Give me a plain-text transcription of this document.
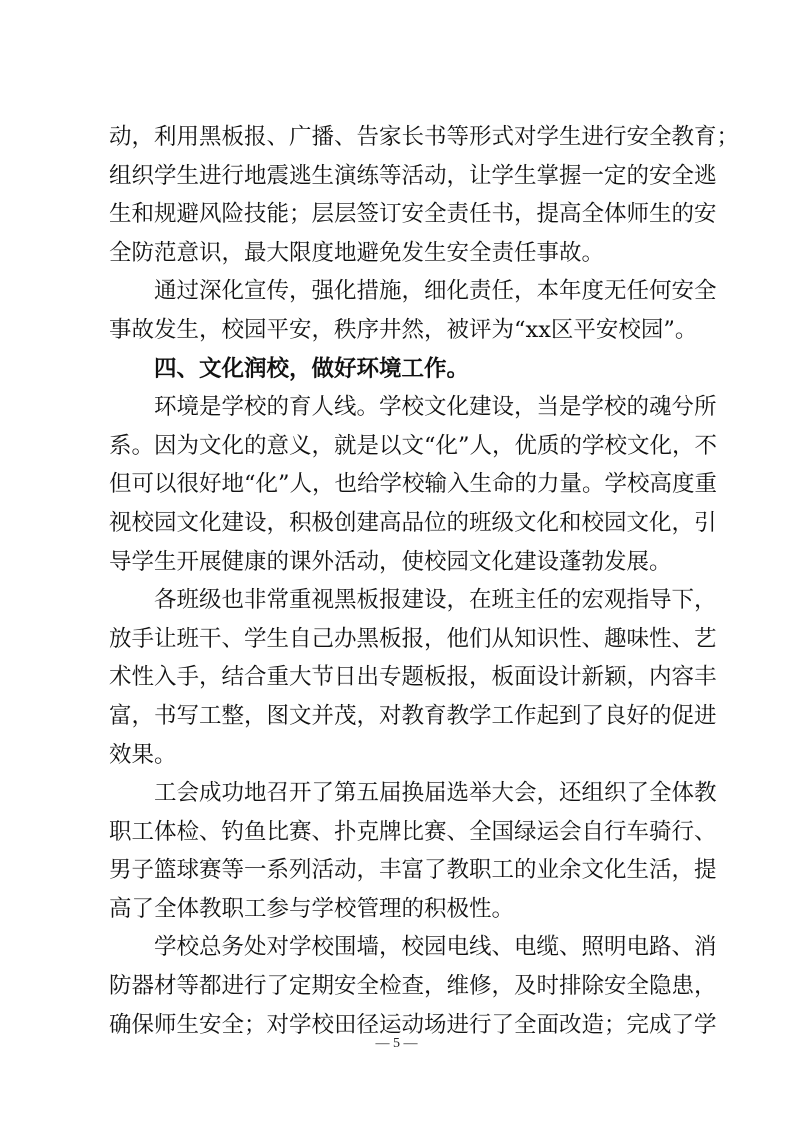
动，利用黑板报、广播、告家长书等形式对学生进行安全教育；
组织学生进行地震逃生演练等活动，让学生掌握一定的安全逃
生和规避风险技能；层层签订安全责任书，提高全体师生的安
全防范意识，最大限度地避免发生安全责任事故。
通过深化宣传，强化措施，细化责任，本年度无任何安全
事故发生，校园平安，秩序井然，被评为“xx区平安校园”。
四、文化润校，做好环境工作。
环境是学校的育人线。学校文化建设，当是学校的魂兮所
系。因为文化的意义，就是以文“化”人，优质的学校文化，不
但可以很好地“化”人，也给学校输入生命的力量。学校高度重
视校园文化建设，积极创建高品位的班级文化和校园文化，引
导学生开展健康的课外活动，使校园文化建设蓬勃发展。
各班级也非常重视黑板报建设，在班主任的宏观指导下，
放手让班干、学生自己办黑板报，他们从知识性、趣味性、艺
术性入手，结合重大节日出专题板报，板面设计新颖，内容丰
富，书写工整，图文并茂，对教育教学工作起到了良好的促进
效果。
工会成功地召开了第五届换届选举大会，还组织了全体教
职工体检、钓鱼比赛、扑克牌比赛、全国绿运会自行车骑行、
男子篮球赛等一系列活动，丰富了教职工的业余文化生活，提
高了全体教职工参与学校管理的积极性。
学校总务处对学校围墙，校园电线、电缆、照明电路、消
防器材等都进行了定期安全检查，维修，及时排除安全隐患，
确保师生安全；对学校田径运动场进行了全面改造；完成了学
— 5 —
